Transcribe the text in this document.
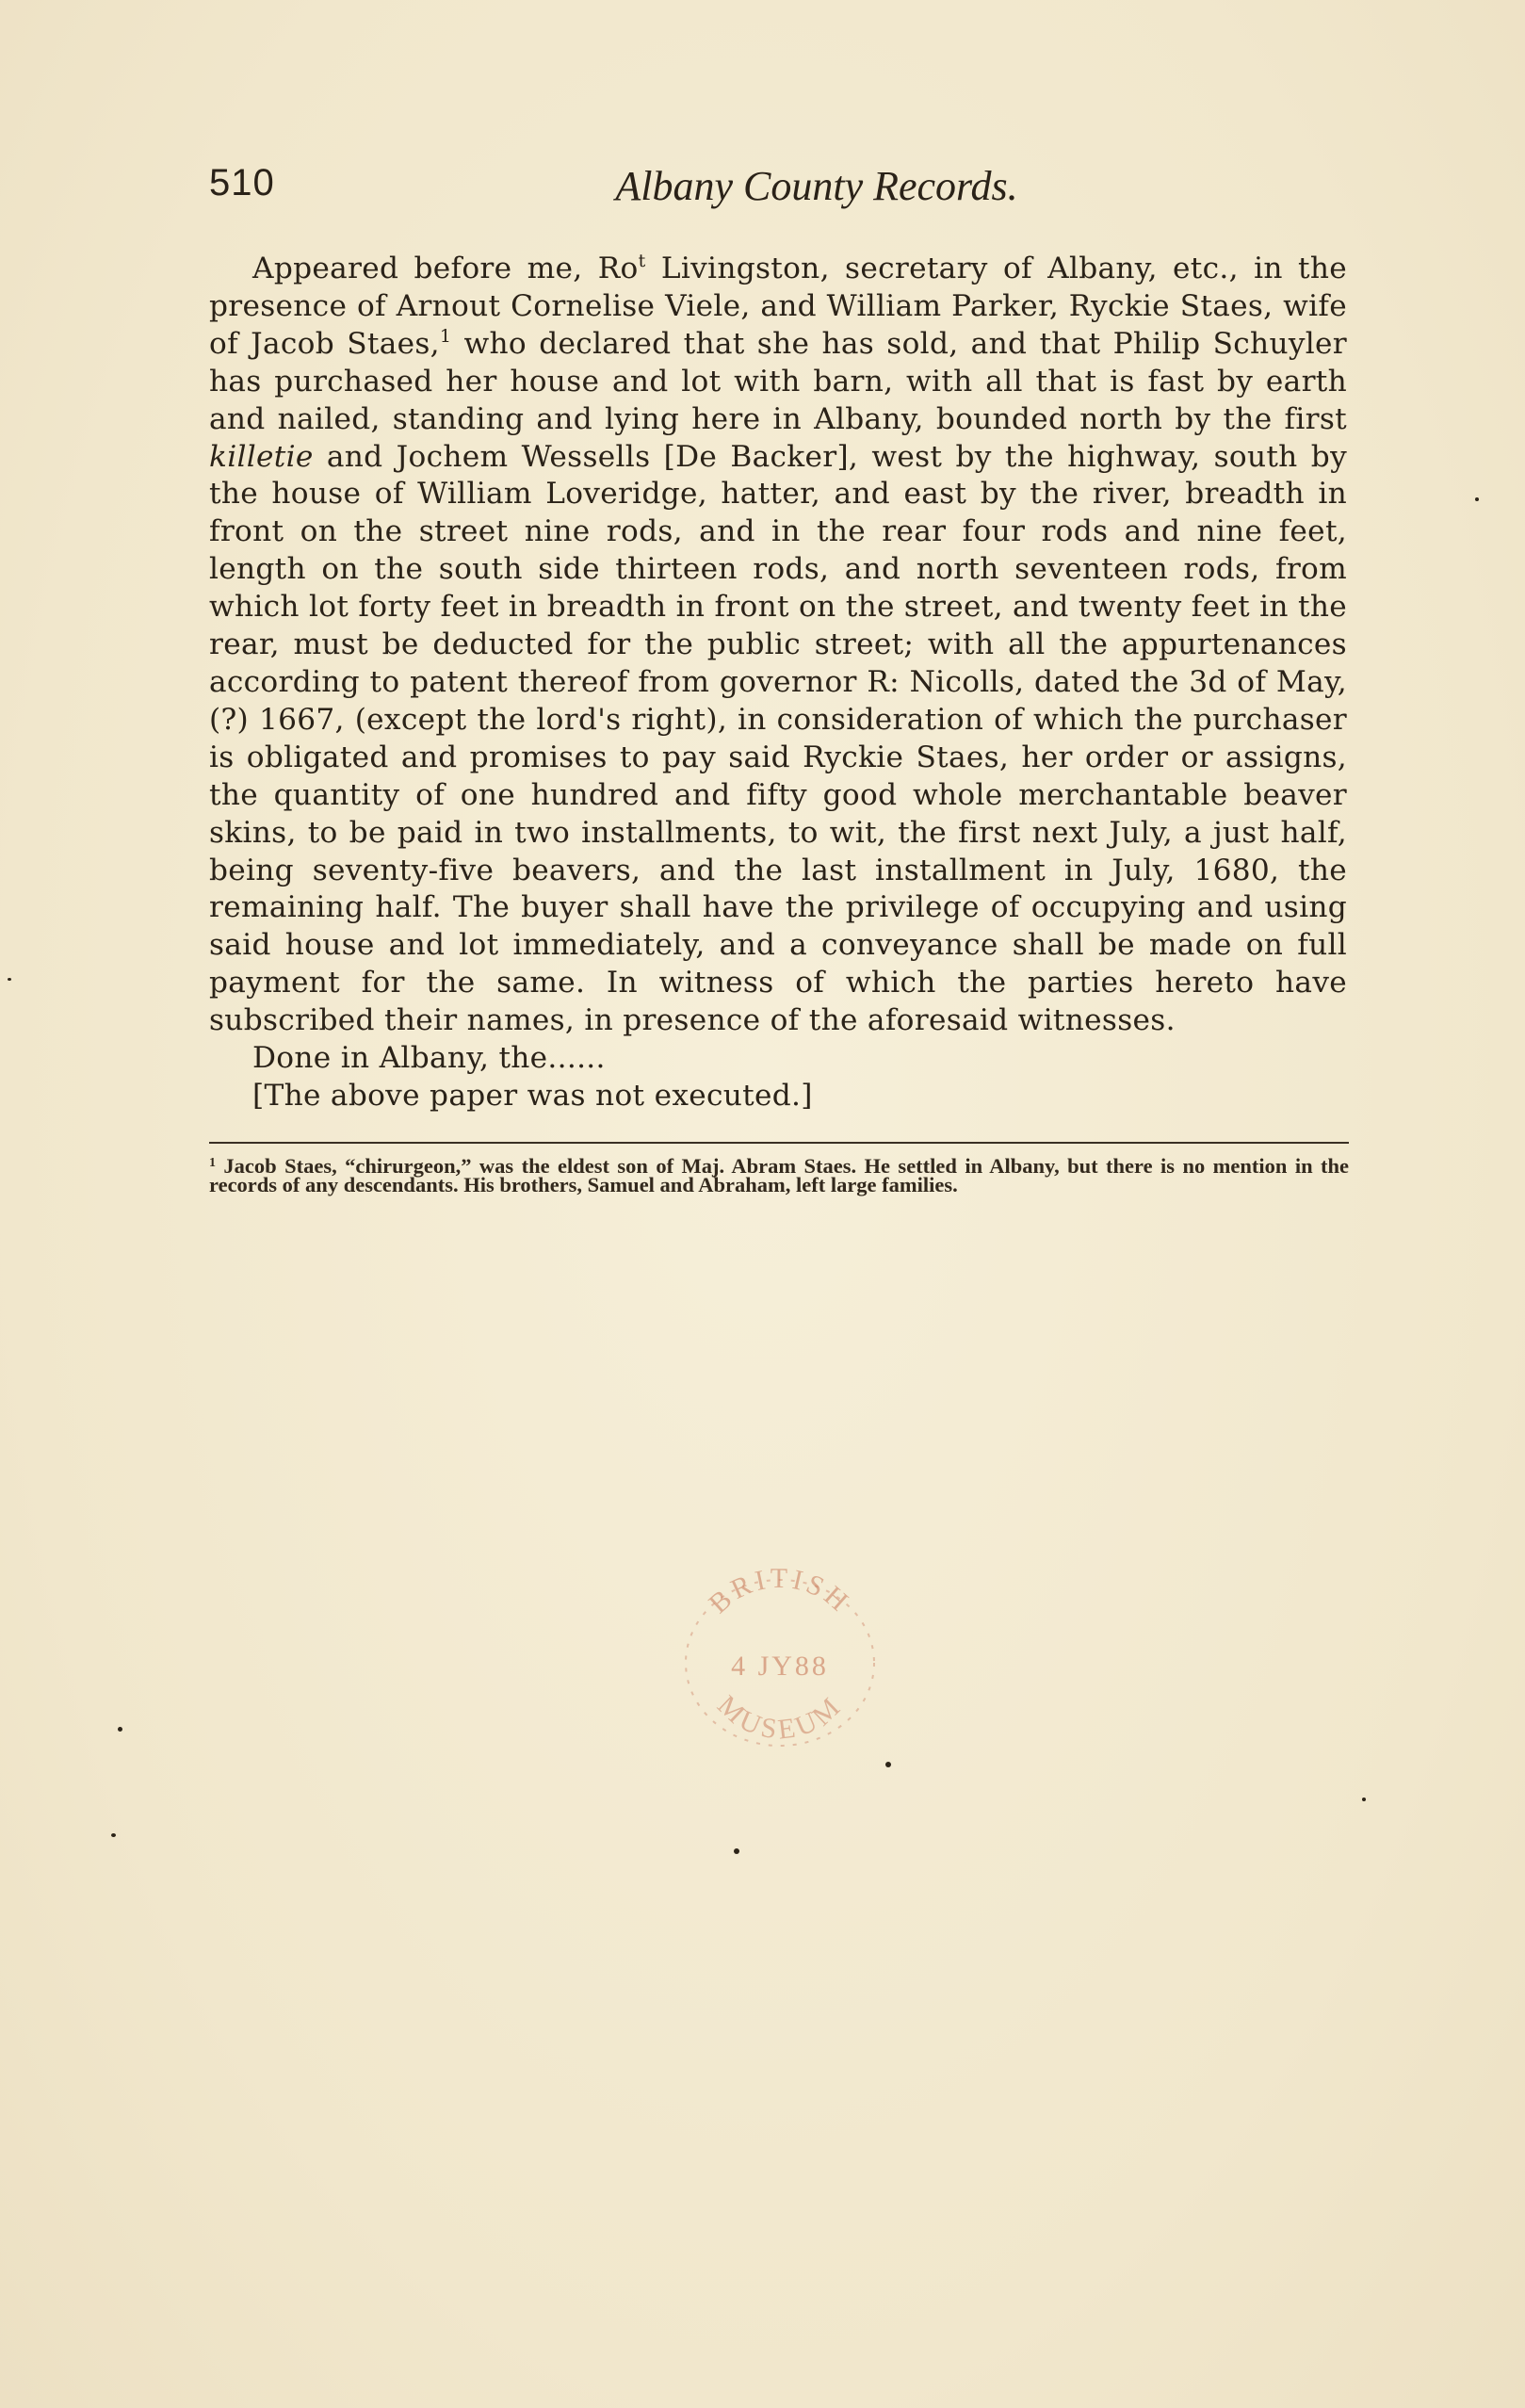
510	Albany County Records.

Appeared before me, Ro$^t$ Livingston, secretary of Albany, etc., in the presence of Arnout Cornelise Viele, and William Parker, Ryckie Staes, wife of Jacob Staes,$^1$ who declared that she has sold, and that Philip Schuyler has purchased her house and lot with barn, with all that is fast by earth and nailed, standing and lying here in Albany, bounded north by the first killetie and Jochem Wessells [De Backer], west by the highway, south by the house of William Loveridge, hatter, and east by the river, breadth in front on the street nine rods, and in the rear four rods and nine feet, length on the south side thirteen rods, and north seventeen rods, from which lot forty feet in breadth in front on the street, and twenty feet in the rear, must be deducted for the public street; with all the appurtenances according to patent thereof from governor R: Nicolls, dated the 3d of May, (?) 1667, (except the lord's right), in consideration of which the purchaser is obligated and promises to pay said Ryckie Staes, her order or assigns, the quantity of one hundred and fifty good whole merchantable beaver skins, to be paid in two installments, to wit, the first next July, a just half, being seventy-five beavers, and the last installment in July, 1680, the remaining half. The buyer shall have the privilege of occupying and using said house and lot immediately, and a conveyance shall be made on full payment for the same. In witness of which the parties hereto have subscribed their names, in presence of the aforesaid witnesses.

Done in Albany, the......

[The above paper was not executed.]

$^1$ Jacob Staes, “chirurgeon,” was the eldest son of Maj. Abram Staes. He settled in Albany, but there is no mention in the records of any descendants. His brothers, Samuel and Abraham, left large families.
BRITISH
4 JY88
MUSEUM
